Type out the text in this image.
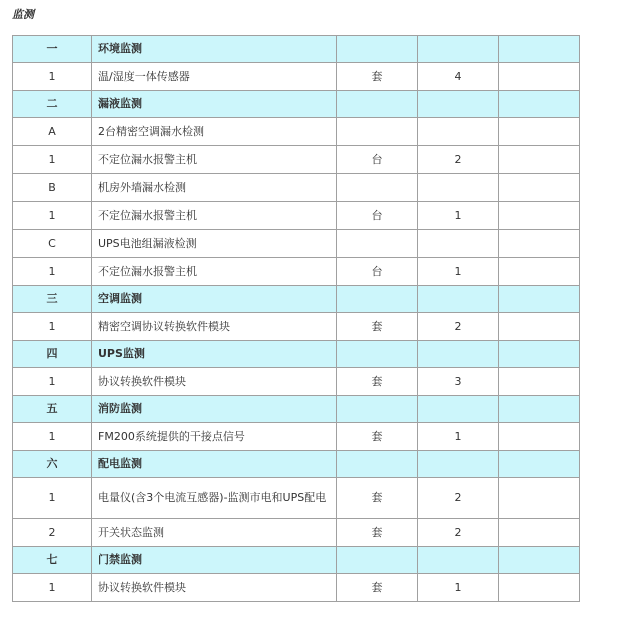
监测
一	环境监测			
1	温/湿度一体传感器	套	4	
二	漏液监测			
A	2台精密空调漏水检测			
1	不定位漏水报警主机	台	2	
B	机房外墙漏水检测			
1	不定位漏水报警主机	台	1	
C	UPS电池组漏液检测			
1	不定位漏水报警主机	台	1	
三	空调监测			
1	精密空调协议转换软件模块	套	2	
四	UPS监测			
1	协议转换软件模块	套	3	
五	消防监测			
1	FM200系统提供的干接点信号	套	1	
六	配电监测			
1	电量仪(含3个电流互感器)-监测市电和UPS配电	套	2	
2	开关状态监测	套	2	
七	门禁监测			
1	协议转换软件模块	套	1	
